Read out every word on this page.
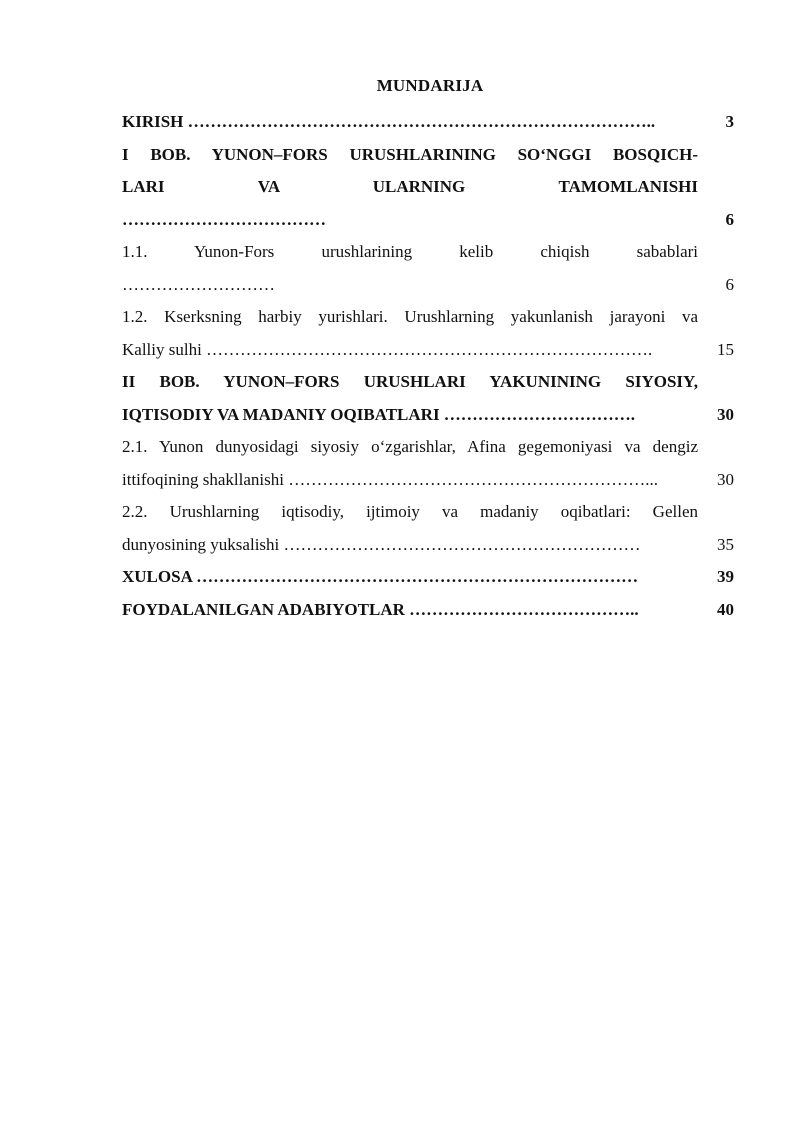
MUNDARIJA
KIRISH ………………………………………………………………………..	3
I BOB. YUNON–FORS URUSHLARINING SO‘NGGI BOSQICH-
LARI VA ULARNING TAMOMLANISHI
………………………………	6
1.1. Yunon-Fors urushlarining kelib chiqish sabablari
………………………	6
1.2. Kserksning harbiy yurishlari. Urushlarning yakunlanish jarayoni va
Kalliy sulhi …………………………………………………………………….	15
II BOB. YUNON–FORS URUSHLARI YAKUNINING SIYOSIY,
IQTISODIY VA MADANIY OQIBATLARI …………………………….	30
2.1. Yunon dunyosidagi siyosiy o‘zgarishlar, Afina gegemoniyasi va dengiz
ittifoqining shakllanishi ………………………………………………………...	30
2.2. Urushlarning iqtisodiy, ijtimoiy va madaniy oqibatlari: Gellen
dunyosining yuksalishi ………………………………………………………	35
XULOSA ……………………………………………………………………	39
FOYDALANILGAN ADABIYOTLAR …………………………………..	40
